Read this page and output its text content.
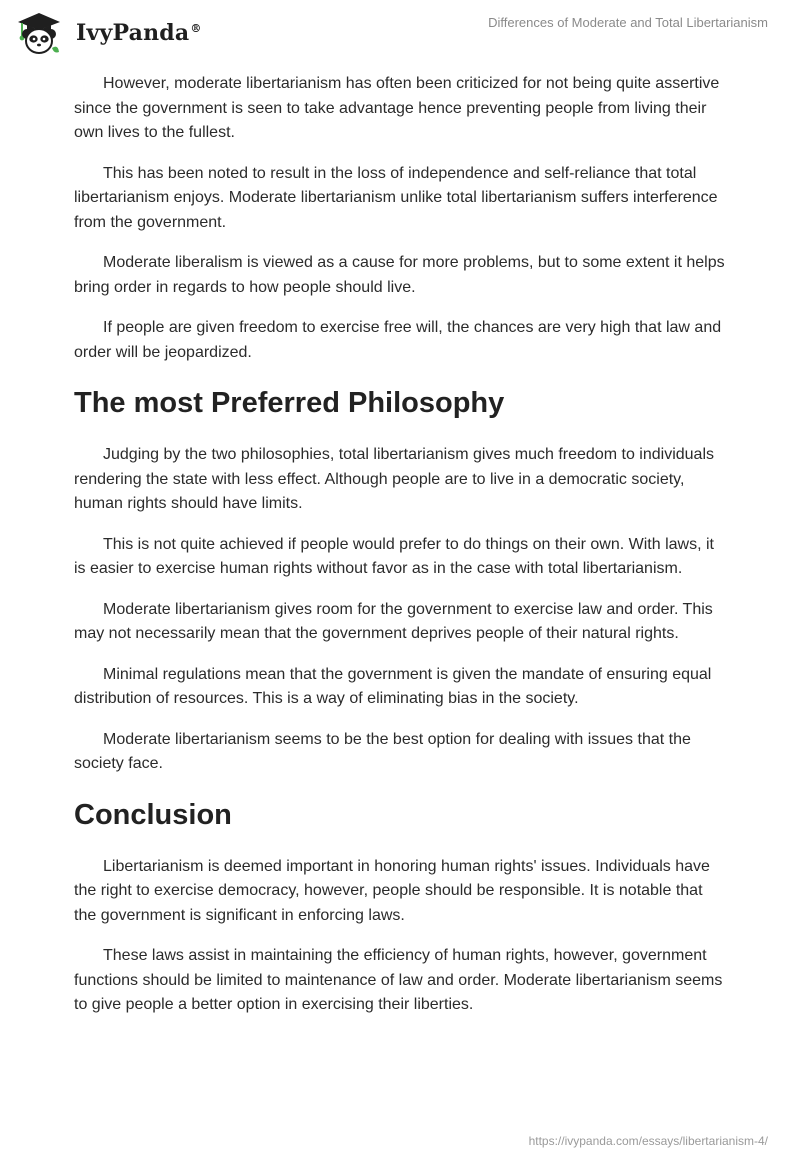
IvyPanda®	Differences of Moderate and Total Libertarianism

However, moderate libertarianism has often been criticized for not being quite assertive since the government is seen to take advantage hence preventing people from living their own lives to the fullest.

This has been noted to result in the loss of independence and self-reliance that total libertarianism enjoys. Moderate libertarianism unlike total libertarianism suffers interference from the government.

Moderate liberalism is viewed as a cause for more problems, but to some extent it helps bring order in regards to how people should live.

If people are given freedom to exercise free will, the chances are very high that law and order will be jeopardized.

The most Preferred Philosophy

Judging by the two philosophies, total libertarianism gives much freedom to individuals rendering the state with less effect. Although people are to live in a democratic society, human rights should have limits.

This is not quite achieved if people would prefer to do things on their own. With laws, it is easier to exercise human rights without favor as in the case with total libertarianism.

Moderate libertarianism gives room for the government to exercise law and order. This may not necessarily mean that the government deprives people of their natural rights.

Minimal regulations mean that the government is given the mandate of ensuring equal distribution of resources. This is a way of eliminating bias in the society.

Moderate libertarianism seems to be the best option for dealing with issues that the society face.

Conclusion

Libertarianism is deemed important in honoring human rights' issues. Individuals have the right to exercise democracy, however, people should be responsible. It is notable that the government is significant in enforcing laws.

These laws assist in maintaining the efficiency of human rights, however, government functions should be limited to maintenance of law and order. Moderate libertarianism seems to give people a better option in exercising their liberties.

https://ivypanda.com/essays/libertarianism-4/
